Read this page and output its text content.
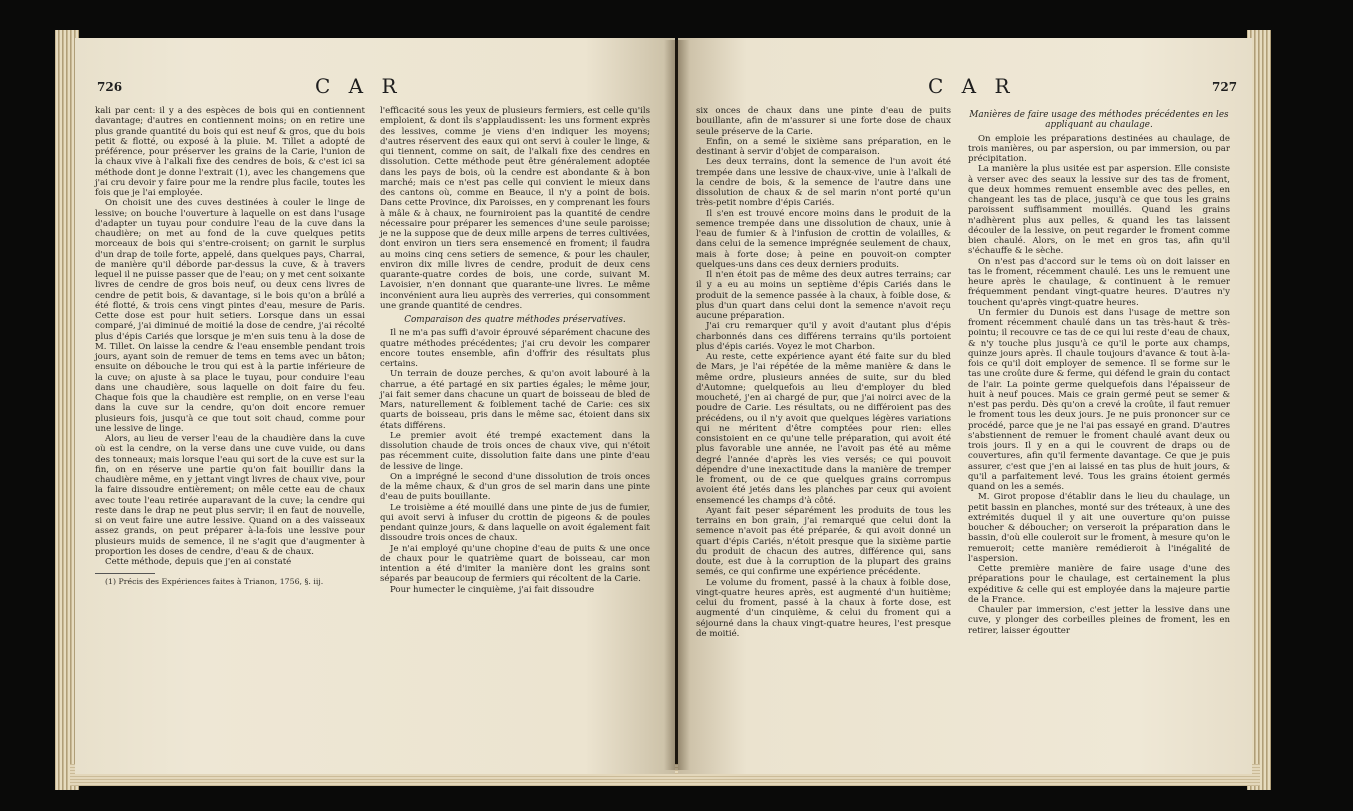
726	C A R

kali par cent: il y a des espèces de bois qui en contiennent davantage; d'autres en contiennent moins; on en retire une plus grande quantité du bois qui est neuf & gros, que du bois petit & flotté, ou exposé à la pluie. M. Tillet a adopté de préférence, pour préserver les grains de la Carie, l'union de la chaux vive à l'alkali fixe des cendres de bois, & c'est ici sa méthode dont je donne l'extrait (1), avec les changemens que j'ai cru devoir y faire pour me la rendre plus facile, toutes les fois que je l'ai employée.

On choisit une des cuves destinées à couler le linge de lessive; on bouche l'ouverture à laquelle on est dans l'usage d'adapter un tuyau pour conduire l'eau de la cuve dans la chaudière; on met au fond de la cuve quelques petits morceaux de bois qui s'entre-croisent; on garnit le surplus d'un drap de toile forte, appelé, dans quelques pays, Charrai, de manière qu'il déborde par-dessus la cuve, & à travers lequel il ne puisse passer que de l'eau; on y met cent soixante livres de cendre de gros bois neuf, ou deux cens livres de cendre de petit bois, & davantage, si le bois qu'on a brûlé a été flotté, & trois cens vingt pintes d'eau, mesure de Paris. Cette dose est pour huit setiers. Lorsque dans un essai comparé, j'ai diminué de moitié la dose de cendre, j'ai récolté plus d'épis Cariés que lorsque je m'en suis tenu à la dose de M. Tillet. On laisse la cendre & l'eau ensemble pendant trois jours, ayant soin de remuer de tems en tems avec un bâton; ensuite on débouche le trou qui est à la partie inférieure de la cuve; on ajuste à sa place le tuyau, pour conduire l'eau dans une chaudière, sous laquelle on doit faire du feu. Chaque fois que la chaudière est remplie, on en verse l'eau dans la cuve sur la cendre, qu'on doit encore remuer plusieurs fois, jusqu'à ce que tout soit chaud, comme pour une lessive de linge.

Alors, au lieu de verser l'eau de la chaudière dans la cuve où est la cendre, on la verse dans une cuve vuide, ou dans des tonneaux; mais lorsque l'eau qui sort de la cuve est sur la fin, on en réserve une partie qu'on fait bouillir dans la chaudière même, en y jettant vingt livres de chaux vive, pour la faire dissoudre entièrement; on mêle cette eau de chaux avec toute l'eau retirée auparavant de la cuve; la cendre qui reste dans le drap ne peut plus servir; il en faut de nouvelle, si on veut faire une autre lessive. Quand on a des vaisseaux assez grands, on peut préparer à-la-fois une lessive pour plusieurs muids de semence, il ne s'agit que d'augmenter à proportion les doses de cendre, d'eau & de chaux.

Cette méthode, depuis que j'en ai constaté

(1) Précis des Expériences faites à Trianon, 1756, §. iij.

l'efficacité sous les yeux de plusieurs fermiers, est celle qu'ils emploient, & dont ils s'applaudissent: les uns forment exprès des lessives, comme je viens d'en indiquer les moyens; d'autres réservent des eaux qui ont servi à couler le linge, & qui tiennent, comme on sait, de l'alkali fixe des cendres en dissolution. Cette méthode peut être généralement adoptée dans les pays de bois, où la cendre est abondante & à bon marché; mais ce n'est pas celle qui convient le mieux dans des cantons où, comme en Beauce, il n'y a point de bois. Dans cette Province, dix Paroisses, en y comprenant les fours à mâle & à chaux, ne fourniroient pas la quantité de cendre nécessaire pour préparer les semences d'une seule paroisse; je ne la suppose que de deux mille arpens de terres cultivées, dont environ un tiers sera ensemencé en froment; il faudra au moins cinq cens setiers de semence, & pour les chauler, environ dix mille livres de cendre, produit de deux cens quarante-quatre cordes de bois, une corde, suivant M. Lavoisier, n'en donnant que quarante-une livres. Le même inconvénient aura lieu auprès des verreries, qui consomment une grande quantité de cendres.

Comparaison des quatre méthodes préservatives.

Il ne m'a pas suffi d'avoir éprouvé séparément chacune des quatre méthodes précédentes; j'ai cru devoir les comparer encore toutes ensemble, afin d'offrir des résultats plus certains.

Un terrain de douze perches, & qu'on avoit labouré à la charrue, a été partagé en six parties égales; le même jour, j'ai fait semer dans chacune un quart de boisseau de bled de Mars, naturellement & foiblement taché de Carie: ces six quarts de boisseau, pris dans le même sac, étoient dans six états différens.

Le premier avoit été trempé exactement dans la dissolution chaude de trois onces de chaux vive, qui n'étoit pas récemment cuite, dissolution faite dans une pinte d'eau de lessive de linge.

On a imprégné le second d'une dissolution de trois onces de la même chaux, & d'un gros de sel marin dans une pinte d'eau de puits bouillante.

Le troisième a été mouillé dans une pinte de jus de fumier, qui avoit servi à infuser du crottin de pigeons & de poules pendant quinze jours, & dans laquelle on avoit également fait dissoudre trois onces de chaux.

Je n'ai employé qu'une chopine d'eau de puits & une once de chaux pour le quatrième quart de boisseau, car mon intention a été d'imiter la manière dont les grains sont séparés par beaucoup de fermiers qui récoltent de la Carie.

Pour humecter le cinquième, j'ai fait dissoudre

C A R	727

six onces de chaux dans une pinte d'eau de puits bouillante, afin de m'assurer si une forte dose de chaux seule préserve de la Carie.

Enfin, on a semé le sixième sans préparation, en le destinant à servir d'objet de comparaison.

Les deux terrains, dont la semence de l'un avoit été trempée dans une lessive de chaux-vive, unie à l'alkali de la cendre de bois, & la semence de l'autre dans une dissolution de chaux & de sel marin n'ont porté qu'un très-petit nombre d'épis Cariés.

Il s'en est trouvé encore moins dans le produit de la semence trempée dans une dissolution de chaux, unie à l'eau de fumier & à l'infusion de crottin de volailles, & dans celui de la semence imprégnée seulement de chaux, mais à forte dose; à peine en pouvoit-on compter quelques-uns dans ces deux derniers produits.

Il n'en étoit pas de même des deux autres terrains; car il y a eu au moins un septième d'épis Cariés dans le produit de la semence passée à la chaux, à foible dose, & plus d'un quart dans celui dont la semence n'avoit reçu aucune préparation.

J'ai cru remarquer qu'il y avoit d'autant plus d'épis charbonnés dans ces différens terrains qu'ils portoient plus d'épis cariés. Voyez le mot Charbon.

Au reste, cette expérience ayant été faite sur du bled de Mars, je l'ai répétée de la même manière & dans le même ordre, plusieurs années de suite, sur du bled d'Automne; quelquefois au lieu d'employer du bled moucheté, j'en ai chargé de pur, que j'ai noirci avec de la poudre de Carie. Les résultats, ou ne différoient pas des précédens, ou il n'y avoit que quelques légères variations qui ne méritent d'être comptées pour rien: elles consistoient en ce qu'une telle préparation, qui avoit été plus favorable une année, ne l'avoit pas été au même degré l'année d'après les vies versés; ce qui pouvoit dépendre d'une inexactitude dans la manière de tremper le froment, ou de ce que quelques grains corrompus avoient été jetés dans les planches par ceux qui avoient ensemencé les champs d'à côté.

Ayant fait peser séparément les produits de tous les terrains en bon grain, j'ai remarqué que celui dont la semence n'avoit pas été préparée, & qui avoit donné un quart d'épis Cariés, n'étoit presque que la sixième partie du produit de chacun des autres, différence qui, sans doute, est due à la corruption de la plupart des grains semés, ce qui confirme une expérience précédente.

Le volume du froment, passé à la chaux à foible dose, vingt-quatre heures après, est augmenté d'un huitième; celui du froment, passé à la chaux à forte dose, est augmenté d'un cinquième, & celui du froment qui a séjourné dans la chaux vingt-quatre heures, l'est presque de moitié.

Manières de faire usage des méthodes précédentes en les appliquant au chaulage.

On emploie les préparations destinées au chaulage, de trois manières, ou par aspersion, ou par immersion, ou par précipitation.

La manière la plus usitée est par aspersion. Elle consiste à verser avec des seaux la lessive sur des tas de froment, que deux hommes remuent ensemble avec des pelles, en changeant les tas de place, jusqu'à ce que tous les grains paroissent suffisamment mouillés. Quand les grains n'adhèrent plus aux pelles, & quand les tas laissent découler de la lessive, on peut regarder le froment comme bien chaulé. Alors, on le met en gros tas, afin qu'il s'échauffe & le sèche.

On n'est pas d'accord sur le tems où on doit laisser en tas le froment, récemment chaulé. Les uns le remuent une heure après le chaulage, & continuent à le remuer fréquemment pendant vingt-quatre heures. D'autres n'y touchent qu'après vingt-quatre heures.

Un fermier du Dunois est dans l'usage de mettre son froment récemment chaulé dans un tas très-haut & très-pointu; il recouvre ce tas de ce qui lui reste d'eau de chaux, & n'y touche plus jusqu'à ce qu'il le porte aux champs, quinze jours après. Il chaule toujours d'avance & tout à-la-fois ce qu'il doit employer de semence. Il se forme sur le tas une croûte dure & ferme, qui défend le grain du contact de l'air. La pointe germe quelquefois dans l'épaisseur de huit à neuf pouces. Mais ce grain germé peut se semer & n'est pas perdu. Dès qu'on a crevé la croûte, il faut remuer le froment tous les deux jours. Je ne puis prononcer sur ce procédé, parce que je ne l'ai pas essayé en grand. D'autres s'abstiennent de remuer le froment chaulé avant deux ou trois jours. Il y en a qui le couvrent de draps ou de couvertures, afin qu'il fermente davantage. Ce que je puis assurer, c'est que j'en ai laissé en tas plus de huit jours, & qu'il a parfaitement levé. Tous les grains étoient germés quand on les a semés.

M. Girot propose d'établir dans le lieu du chaulage, un petit bassin en planches, monté sur des tréteaux, à une des extrémités duquel il y ait une ouverture qu'on puisse boucher & déboucher; on verseroit la préparation dans le bassin, d'où elle couleroit sur le froment, à mesure qu'on le remueroit; cette manière remédieroit à l'inégalité de l'aspersion.

Cette première manière de faire usage d'une des préparations pour le chaulage, est certainement la plus expéditive & celle qui est employée dans la majeure partie de la France.

Chauler par immersion, c'est jetter la lessive dans une cuve, y plonger des corbeilles pleines de froment, les en retirer, laisser égoutter
